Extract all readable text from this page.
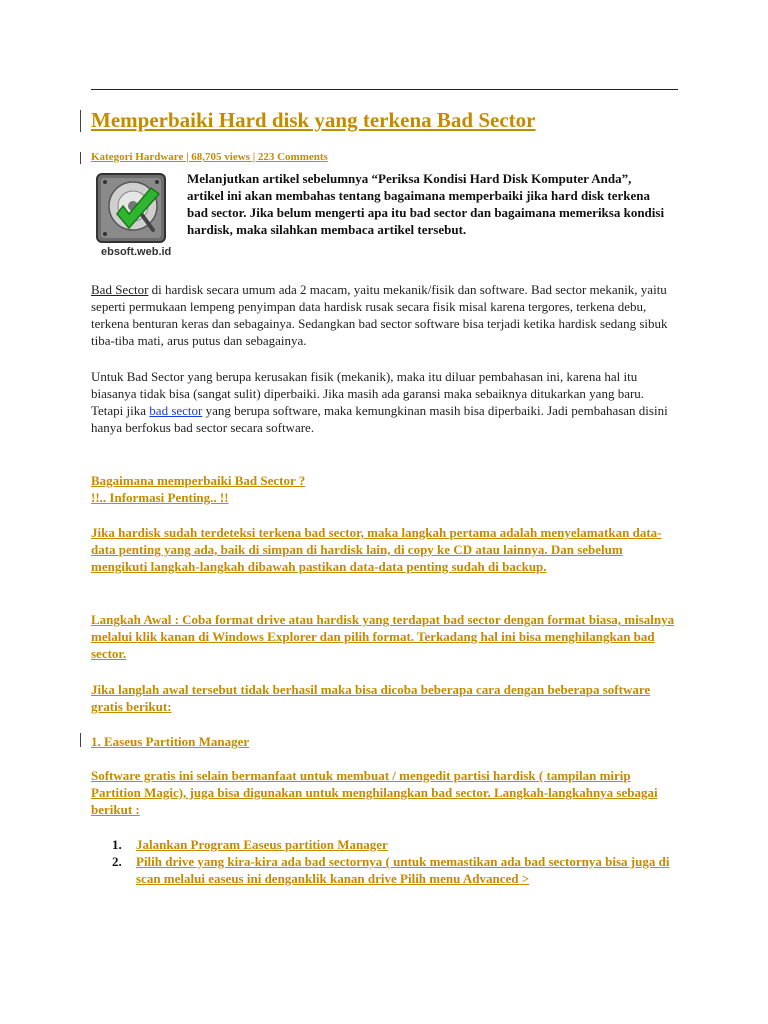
Memperbaiki Hard disk yang terkena Bad Sector
Kategori Hardware | 68,705 views | 223 Comments
ebsoft.web.id

Melanjutkan artikel sebelumnya “Periksa Kondisi Hard Disk Komputer Anda”, artikel ini akan membahas tentang bagaimana memperbaiki jika hard disk terkena bad sector. Jika belum mengerti apa itu bad sector dan bagaimana memeriksa kondisi hardisk, maka silahkan membaca artikel tersebut.

Bad Sector di hardisk secara umum ada 2 macam, yaitu mekanik/fisik dan software. Bad sector mekanik, yaitu seperti permukaan lempeng penyimpan data hardisk rusak secara fisik misal karena tergores, terkena debu, terkena benturan keras dan sebagainya. Sedangkan bad sector software bisa terjadi ketika hardisk sedang sibuk tiba-tiba mati, arus putus dan sebagainya.

Untuk Bad Sector yang berupa kerusakan fisik (mekanik), maka itu diluar pembahasan ini, karena hal itu biasanya tidak bisa (sangat sulit) diperbaiki. Jika masih ada garansi maka sebaiknya ditukarkan yang baru. Tetapi jika bad sector yang berupa software, maka kemungkinan masih bisa diperbaiki. Jadi pembahasan disini hanya berfokus bad sector secara software.

Bagaimana memperbaiki Bad Sector ?
!!.. Informasi Penting.. !!

Jika hardisk sudah terdeteksi terkena bad sector, maka langkah pertama adalah menyelamatkan data-data penting yang ada, baik di simpan di hardisk lain, di copy ke CD atau lainnya. Dan sebelum mengikuti langkah-langkah dibawah pastikan data-data penting sudah di backup.

Langkah Awal : Coba format drive atau hardisk yang terdapat bad sector dengan format biasa, misalnya melalui klik kanan di Windows Explorer dan pilih format. Terkadang hal ini bisa menghilangkan bad sector.

Jika langlah awal tersebut tidak berhasil maka bisa dicoba beberapa cara dengan beberapa software gratis berikut:

1. Easeus Partition Manager

Software gratis ini selain bermanfaat untuk membuat / mengedit partisi hardisk ( tampilan mirip Partition Magic), juga bisa digunakan untuk menghilangkan bad sector. Langkah-langkahnya sebagai berikut :

1. Jalankan Program Easeus partition Manager
2. Pilih drive yang kira-kira ada bad sectornya ( untuk memastikan ada bad sectornya bisa juga di scan melalui easeus ini denganklik kanan drive Pilih menu Advanced >
